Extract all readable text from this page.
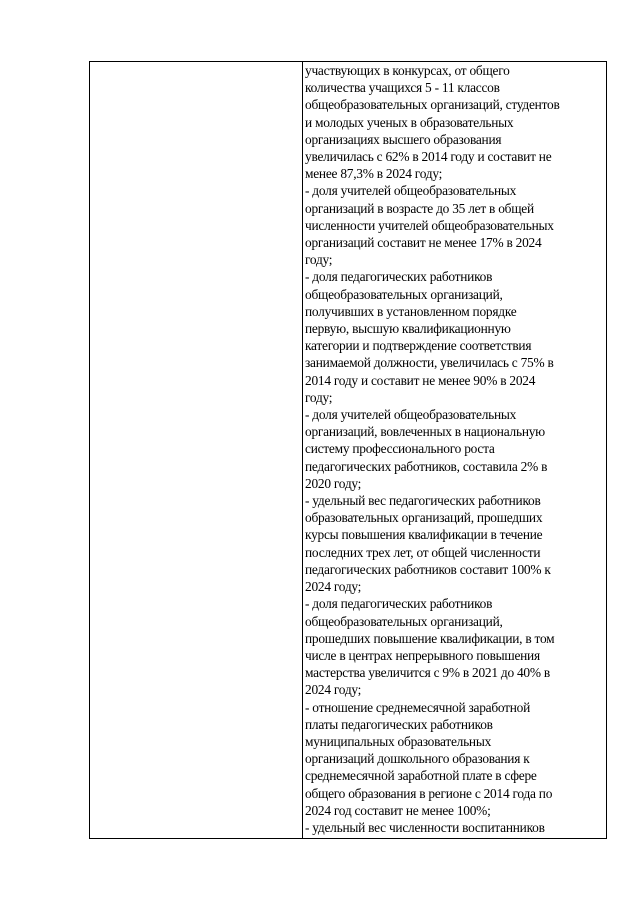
участвующих в конкурсах, от общего
количества учащихся 5 - 11 классов
общеобразовательных организаций, студентов
и молодых ученых в образовательных
организациях высшего образования
увеличилась с 62% в 2014 году и составит не
менее 87,3% в 2024 году;
- доля учителей общеобразовательных
организаций в возрасте до 35 лет в общей
численности учителей общеобразовательных
организаций составит не менее 17% в 2024
году;
- доля педагогических работников
общеобразовательных организаций,
получивших в установленном порядке
первую, высшую квалификационную
категории и подтверждение соответствия
занимаемой должности, увеличилась с 75% в
2014 году и составит не менее 90% в 2024
году;
- доля учителей общеобразовательных
организаций, вовлеченных в национальную
систему профессионального роста
педагогических работников, составила 2% в
2020 году;
- удельный вес педагогических работников
образовательных организаций, прошедших
курсы повышения квалификации в течение
последних трех лет, от общей численности
педагогических работников составит 100% к
2024 году;
- доля педагогических работников
общеобразовательных организаций,
прошедших повышение квалификации, в том
числе в центрах непрерывного повышения
мастерства увеличится с 9% в 2021 до 40% в
2024 году;
- отношение среднемесячной заработной
платы педагогических работников
муниципальных образовательных
организаций дошкольного образования к
среднемесячной заработной плате в сфере
общего образования в регионе с 2014 года по
2024 год составит не менее 100%;
- удельный вес численности воспитанников
